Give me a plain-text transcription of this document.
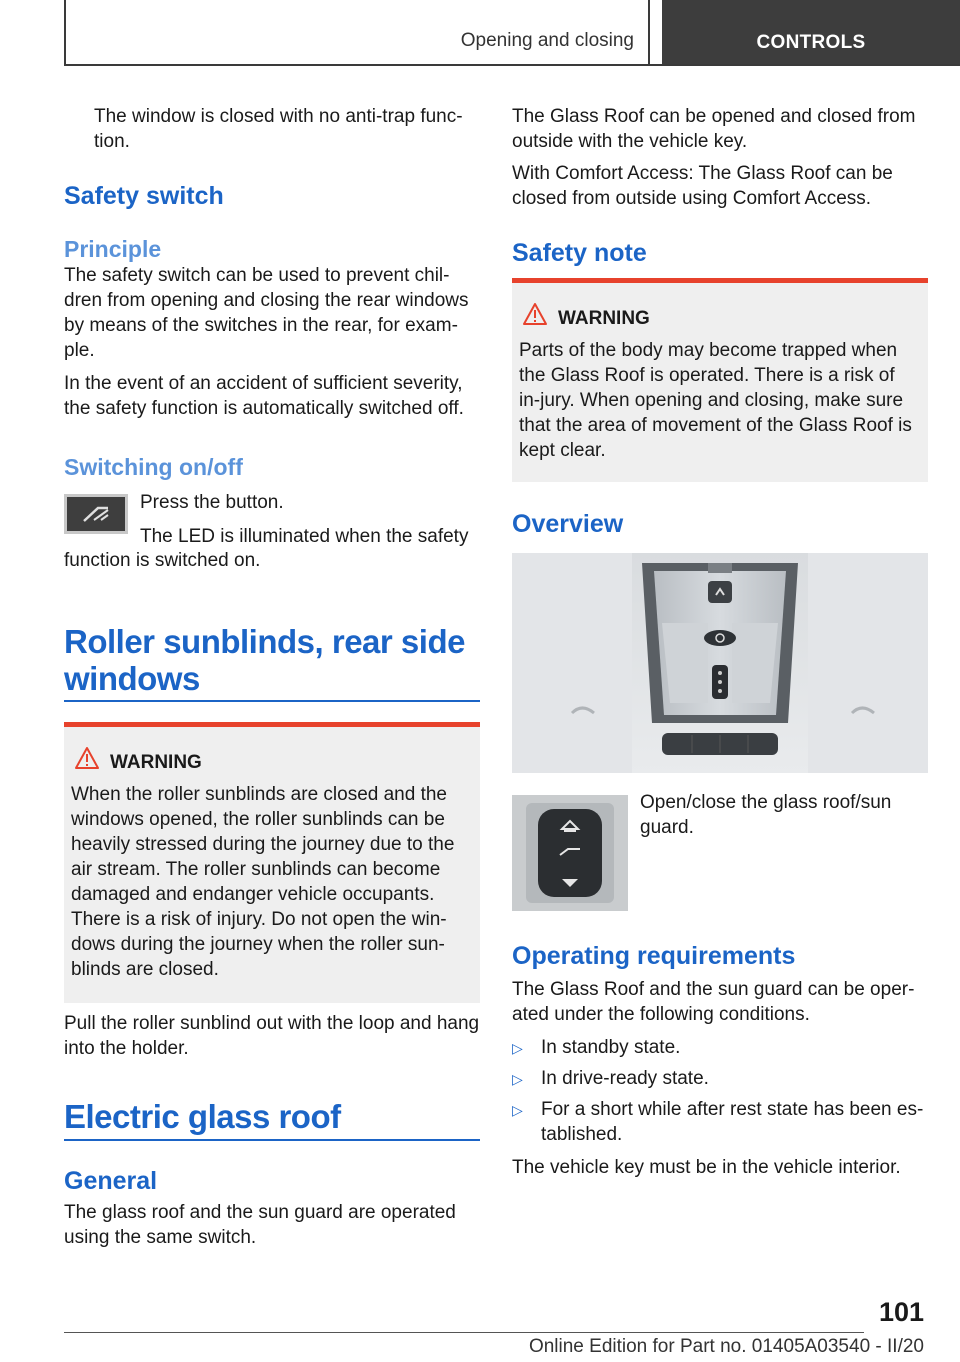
Opening and closing	CONTROLS

The window is closed with no anti-trap func-

tion.

Safety switch
Principle

The safety switch can be used to prevent chil-dren from opening and closing the rear windows by means of the switches in the rear, for exam-ple.

In the event of an accident of sufficient severity, the safety function is automatically switched off.

Switching on/off

Press the button.

The LED is illuminated when the safety

function is switched on.

Roller sunblinds, rear side
windows
WARNING
When the roller sunblinds are closed and the windows opened, the roller sunblinds can be heavily stressed during the journey due to the air stream. The roller sunblinds can become damaged and endanger vehicle occupants. There is a risk of injury. Do not open the win-dows during the journey when the roller sun-blinds are closed.

Pull the roller sunblind out with the loop and hang into the holder.

Electric glass roof
General

The glass roof and the sun guard are operated using the same switch.

The Glass Roof can be opened and closed from outside with the vehicle key.

With Comfort Access: The Glass Roof can be closed from outside using Comfort Access.

Safety note
WARNING
Parts of the body may become trapped when the Glass Roof is operated. There is a risk of in-jury. When opening and closing, make sure that the area of movement of the Glass Roof is kept clear.
Overview

Open/close the glass roof/sun guard.

Operating requirements

The Glass Roof and the sun guard can be oper-ated under the following conditions.

▷ In standby state.
▷ In drive-ready state.
▷ For a short while after rest state has been es-tablished.

The vehicle key must be in the vehicle interior.

101
Online Edition for Part no. 01405A03540 - II/20
